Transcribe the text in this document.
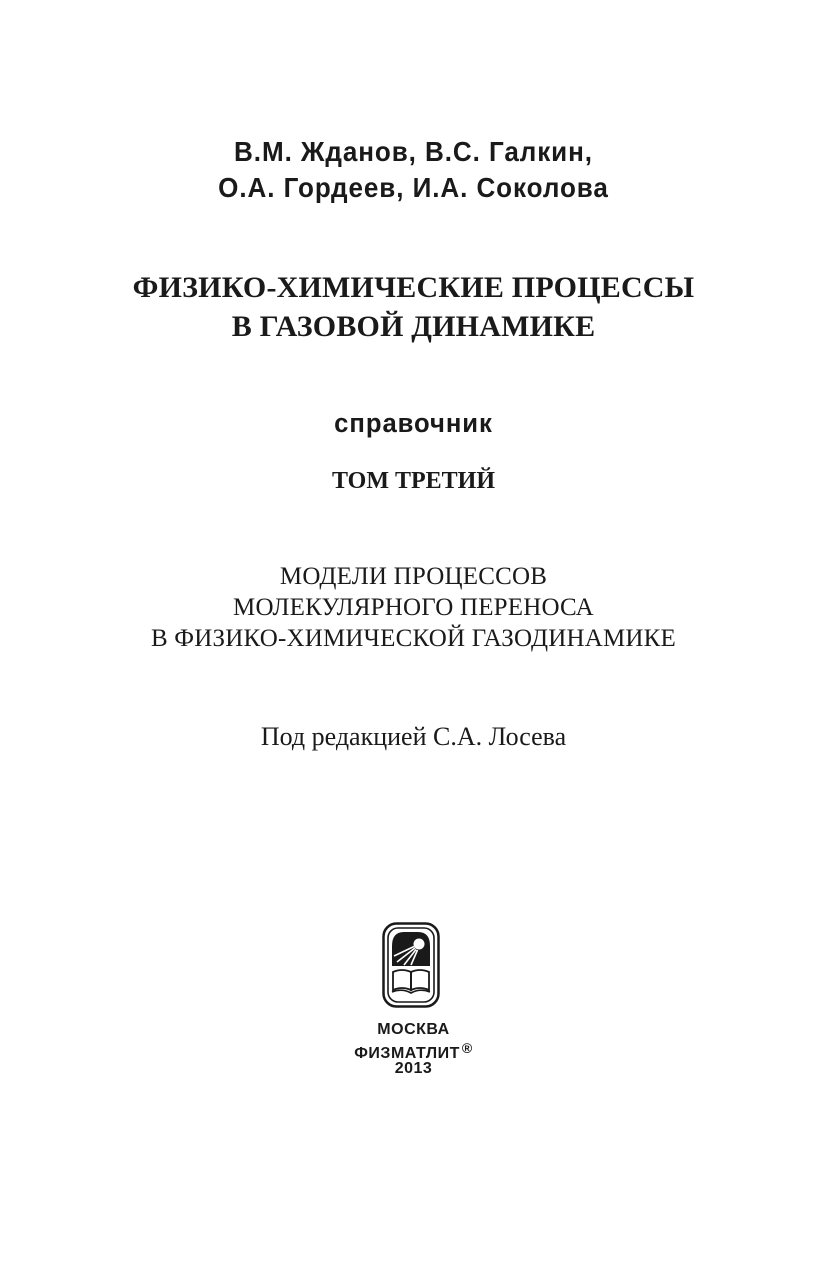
В.М. Жданов, В.С. Галкин,
О.А. Гордеев, И.А. Соколова
ФИЗИКО-ХИМИЧЕСКИЕ ПРОЦЕССЫ
В ГАЗОВОЙ ДИНАМИКЕ
справочник
ТОМ ТРЕТИЙ
МОДЕЛИ ПРОЦЕССОВ
МОЛЕКУЛЯРНОГО ПЕРЕНОСА
В ФИЗИКО-ХИМИЧЕСКОЙ ГАЗОДИНАМИКЕ
Под редакцией С.А. Лосева
МОСКВА
ФИЗМАТЛИТ ®
2013
